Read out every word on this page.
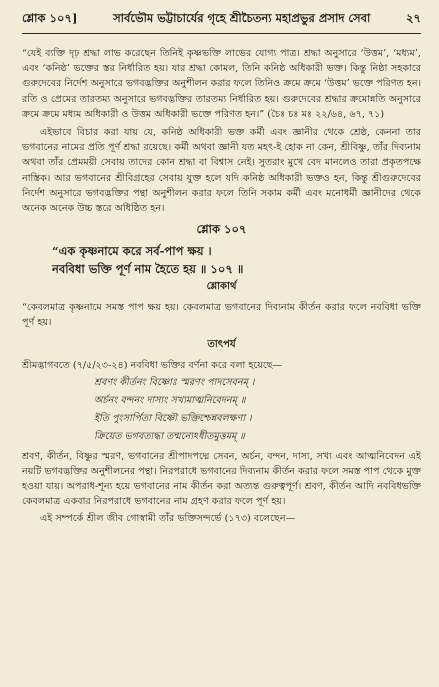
শ্লোক ১০৭]	সার্বভৌম ভট্টাচার্যের গৃহে শ্রীচৈতন্য মহাপ্রভুর প্রসাদ সেবা	২৭

“যেই ব্যক্তি দৃঢ় শ্রদ্ধা লাভ করেছেন তিনিই কৃষ্ণভক্তি লাভের যোগ্য পাত্র। শ্রদ্ধা অনুসারে ‘উত্তম’, ‘মধ্যম’, এবং ‘কনিষ্ঠ’ ভক্তের স্তর নির্ধারিত হয়। যার শ্রদ্ধা কোমল, তিনি কনিষ্ঠ অধিকারী ভক্ত। কিন্তু নিষ্ঠা সহকারে গুরুদেবের নির্দেশ অনুসারে ভগবদ্ভক্তির অনুশীলন করার ফলে তিনিও ক্রমে ক্রমে ‘উত্তম’ ভক্তে পরিণত হন। রতি ও প্রেমের তারতম্য অনুসারে ভগবদ্ভক্তির তারতম্য নির্ধারিত হয়। গুরুদেবের শ্রদ্ধার ক্রমোন্নতি অনুসারে ক্রমে ক্রমে মধ্যম অধিকারী ও উত্তম অধিকারী ভক্তে পরিণত হন।” (চৈঃ চঃ মঃ ২২/৬৪, ৬৭, ৭১)

এইভাবে বিচার করা যায় যে, কনিষ্ঠ অধিকারী ভক্ত কর্মী এবং জ্ঞানীর থেকে শ্রেষ্ঠ, কেননা তার ভগবানের নামের প্রতি পূর্ণ শ্রদ্ধা রয়েছে। কর্মী অথবা জ্ঞানী যত মহৎ-ই হোক না কেন, শ্রীবিষ্ণু, তাঁর দিব্যনাম অথবা তাঁর প্রেমময়ী সেবায় তাদের কোন শ্রদ্ধা বা বিশ্বাস নেই। সুতরাং মুখে বেদ মানলেও তারা প্রকৃতপক্ষে নাস্তিক। আর ভগবানের শ্রীবিগ্রহের সেবায় যুক্ত হলে যদি কনিষ্ঠ অধিকারী ভক্তও হন, কিন্তু শ্রীগুরুদেবের নির্দেশ অনুসারে ভগবদ্ভক্তির পন্থা অনুশীলন করার ফলে তিনি সকাম কর্মী এবং মনোধর্মী জ্ঞানীদের থেকে অনেক অনেক উচ্চ স্তরে অধিষ্ঠিত হন।

শ্লোক ১০৭
“এক কৃষ্ণনামে করে সর্ব-পাপ ক্ষয় ।
নববিধা ভক্তি পূর্ণ নাম হৈতে হয় ॥ ১০৭ ॥
শ্লোকার্থ

“কেবলমাত্র কৃষ্ণনামে সমস্ত পাপ ক্ষয় হয়। কেবলমাত্র ভগবানের দিব্যনাম কীর্তন করার ফলে নববিধা ভক্তি পূর্ণ হয়।

তাৎপর্য

শ্রীমদ্ভাগবতে (৭/৫/২৩-২৪) নববিধা ভক্তির বর্ণনা করে বলা হয়েছে—

শ্রবণং কীর্তনং বিষ্ণোঃ স্মরণং পাদসেবনম্ ।
অর্চনং বন্দনং দাস্যং সখ্যমাত্মনিবেদনম্ ॥
ইতি পুংসার্পিতা বিষ্ণৌ ভক্তিশ্চেন্নবলক্ষণা ।
ক্রিয়েত ভগবত্যদ্ধা তন্মন্যেঽধীতমুত্তমম্ ॥

শ্রবণ, কীর্তন, বিষ্ণুর স্মরণ, ভগবানের শ্রীপাদপদ্মে সেবন, অর্চন, বন্দন, দাস্য, সখ্য এবং আত্মনিবেদন এই নয়টি ভগবদ্ভক্তির অনুশীলনের পন্থা। নিরপরাধে ভগবানের দিব্যনাম কীর্তন করার ফলে সমস্ত পাপ থেকে মুক্ত হওয়া যায়। অপরাধ-শূন্য হয়ে ভগবানের নাম কীর্তন করা অত্যন্ত গুরুত্বপূর্ণ। শ্রবণ, কীর্তন আদি নববিধভক্তি কেবলমাত্র একবার নিরপরাধে ভগবানের নাম গ্রহণ করার ফলে পূর্ণ হয়।

এই সম্পর্কে শ্রীল জীব গোস্বামী তাঁর ভক্তিসন্দর্ভে (১৭৩) বলেছেন—
